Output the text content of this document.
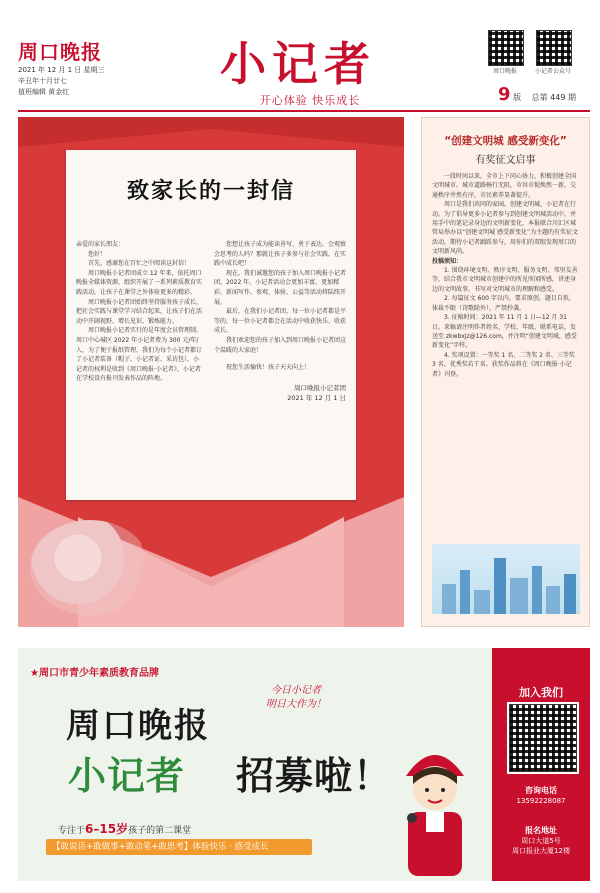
周口晚报
2021 年 12 月 1 日 星期三
辛丑年十月廿七
值班编辑 黄金红
小记者
开心体验 快乐成长
周口晚报	小记者公众号
9 版 总第 449 期
致家长的一封信

亲爱的家长朋友：

您好！

首先，感谢您在百忙之中阅读这封信！

周口晚报小记者团成立 12 年来，依托周口晚报全媒体资源，组织开展了一系列素质教育实践活动，让孩子在课堂之外体验更多的精彩。

周口晚报小记者团始终坚持服务孩子成长，把社会实践与课堂学习结合起来，让孩子们在活动中开阔视野、增长见识、锻炼能力。

周口晚报小记者实行的是年度会员管理制，周口中心城区 2022 年小记者费为 300 元/年/人。为了便于报纸管理，我们为每个小记者都订了小记者装备（帽子、小记者证、采访包），小记者的权利是收到《周口晚报·小记者》，小记者在学校设有报刊发表作品的阵地。

您想让孩子成为能读善写、勇于表达、会观察会思考的人吗？那就让孩子多参与社会实践，在实践中成长吧！

现在，我们诚邀您的孩子加入周口晚报小记者团，2022 年，小记者活动会更加丰富，更加精彩，新闻写作、参观、体验、公益等活动将陆续开展。

最后，在我们小记者团，每一位小记者都是平等的，每一位小记者都会在活动中收获快乐、收获成长。

我们欢迎您的孩子加入到周口晚报小记者团这个温暖的大家庭！

祝您生活愉快！孩子天天向上！

周口晚报小记者团
2021 年 12 月 1 日
“创建文明城 感受新变化”
有奖征文启事

一段时间以来，全市上下同心协力，积极创建全国文明城市。城市道路畅行无阻，市容市貌焕然一新，交通秩序井然有序，市民素养显著提升。

周口是我们共同的家园。创建文明城，小记者在行动。为了倡导更多小记者参与到创建文明城活动中，并用手中的笔记录身边的文明新变化，本报联合川汇区城管局举办以“创建文明城 感受新变化”为主题的有奖征文活动，期待小记者踊跃参与，用你们的双眼发现周口的文明新风尚。

投稿须知：

1. 围绕环境文明、秩序文明、服务文明、邻里友善等，结合我市文明城市创建中的所见所闻所感，讲述身边的文明故事，书写对文明城市的理解和感受。

2. 每篇征文 600 字以内，要求原创，题目自拟，体裁不限（诗歌除外），严禁抄袭。

3. 征稿时间：2021 年 11 月 1 日—12 月 31 日。来稿请注明作者姓名、学校、年级、联系电话，发送至 zkwbxjz@126.com，并注明“创建文明城，感受新变化”字样。

4. 奖项设置：一等奖 1 名、二等奖 2 名、三等奖 3 名、优秀奖若干名。获奖作品将在《周口晚报·小记者》刊登。

★周口市青少年素质教育品牌
周口晚报
小记者 招募啦！
今日小记者
明日大作为！
专注于6–15岁孩子的第二课堂
【敢说话+敢做事+敢动笔+敢思考】体验快乐 · 感受成长
加入我们
咨询电话
13592228087
报名地址
周口大道5号
周口报业大厦12楼
